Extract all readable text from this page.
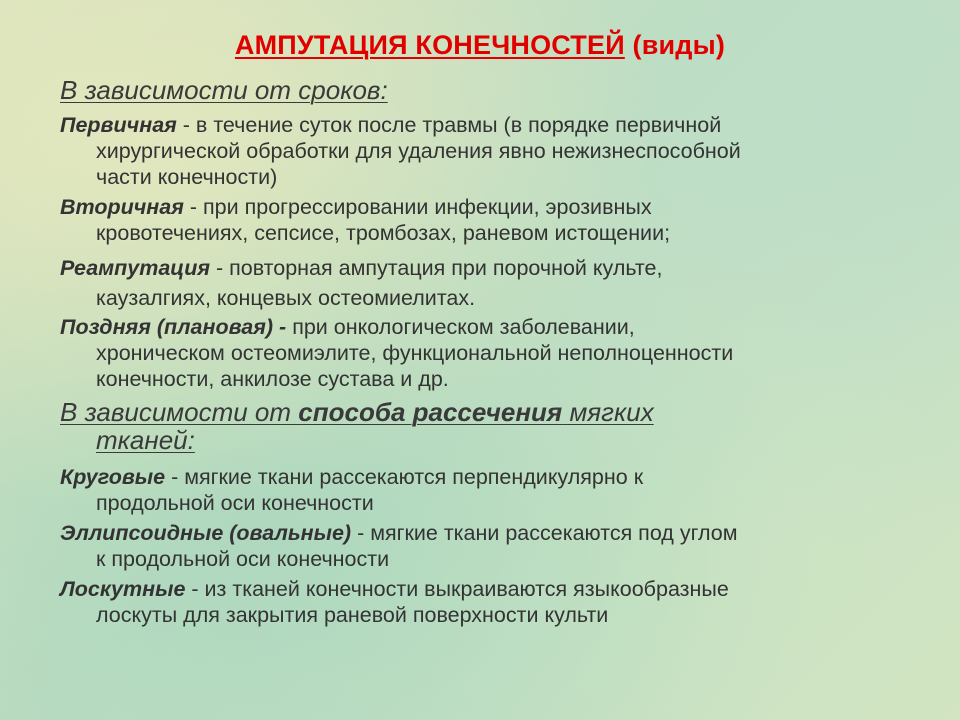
АМПУТАЦИЯ КОНЕЧНОСТЕЙ (виды)
В зависимости от сроков:
Первичная - в течение суток после травмы (в порядке первичной
хирургической обработки для удаления явно нежизнеспособной
части конечности)
Вторичная - при прогрессировании инфекции, эрозивных
кровотечениях, сепсисе, тромбозах, раневом истощении;
Реампутация - повторная ампутация при порочной культе,
каузалгиях, концевых остеомиелитах.
Поздняя (плановая) - при онкологическом заболевании,
хроническом остеомиэлите, функциональной неполноценности
конечности, анкилозе сустава и др.
В зависимости от способа рассечения мягких
тканей:
Круговые - мягкие ткани рассекаются перпендикулярно к
продольной оси конечности
Эллипсоидные (овальные) - мягкие ткани рассекаются под углом
к продольной оси конечности
Лоскутные - из тканей конечности выкраиваются языкообразные
лоскуты для закрытия раневой поверхности культи
